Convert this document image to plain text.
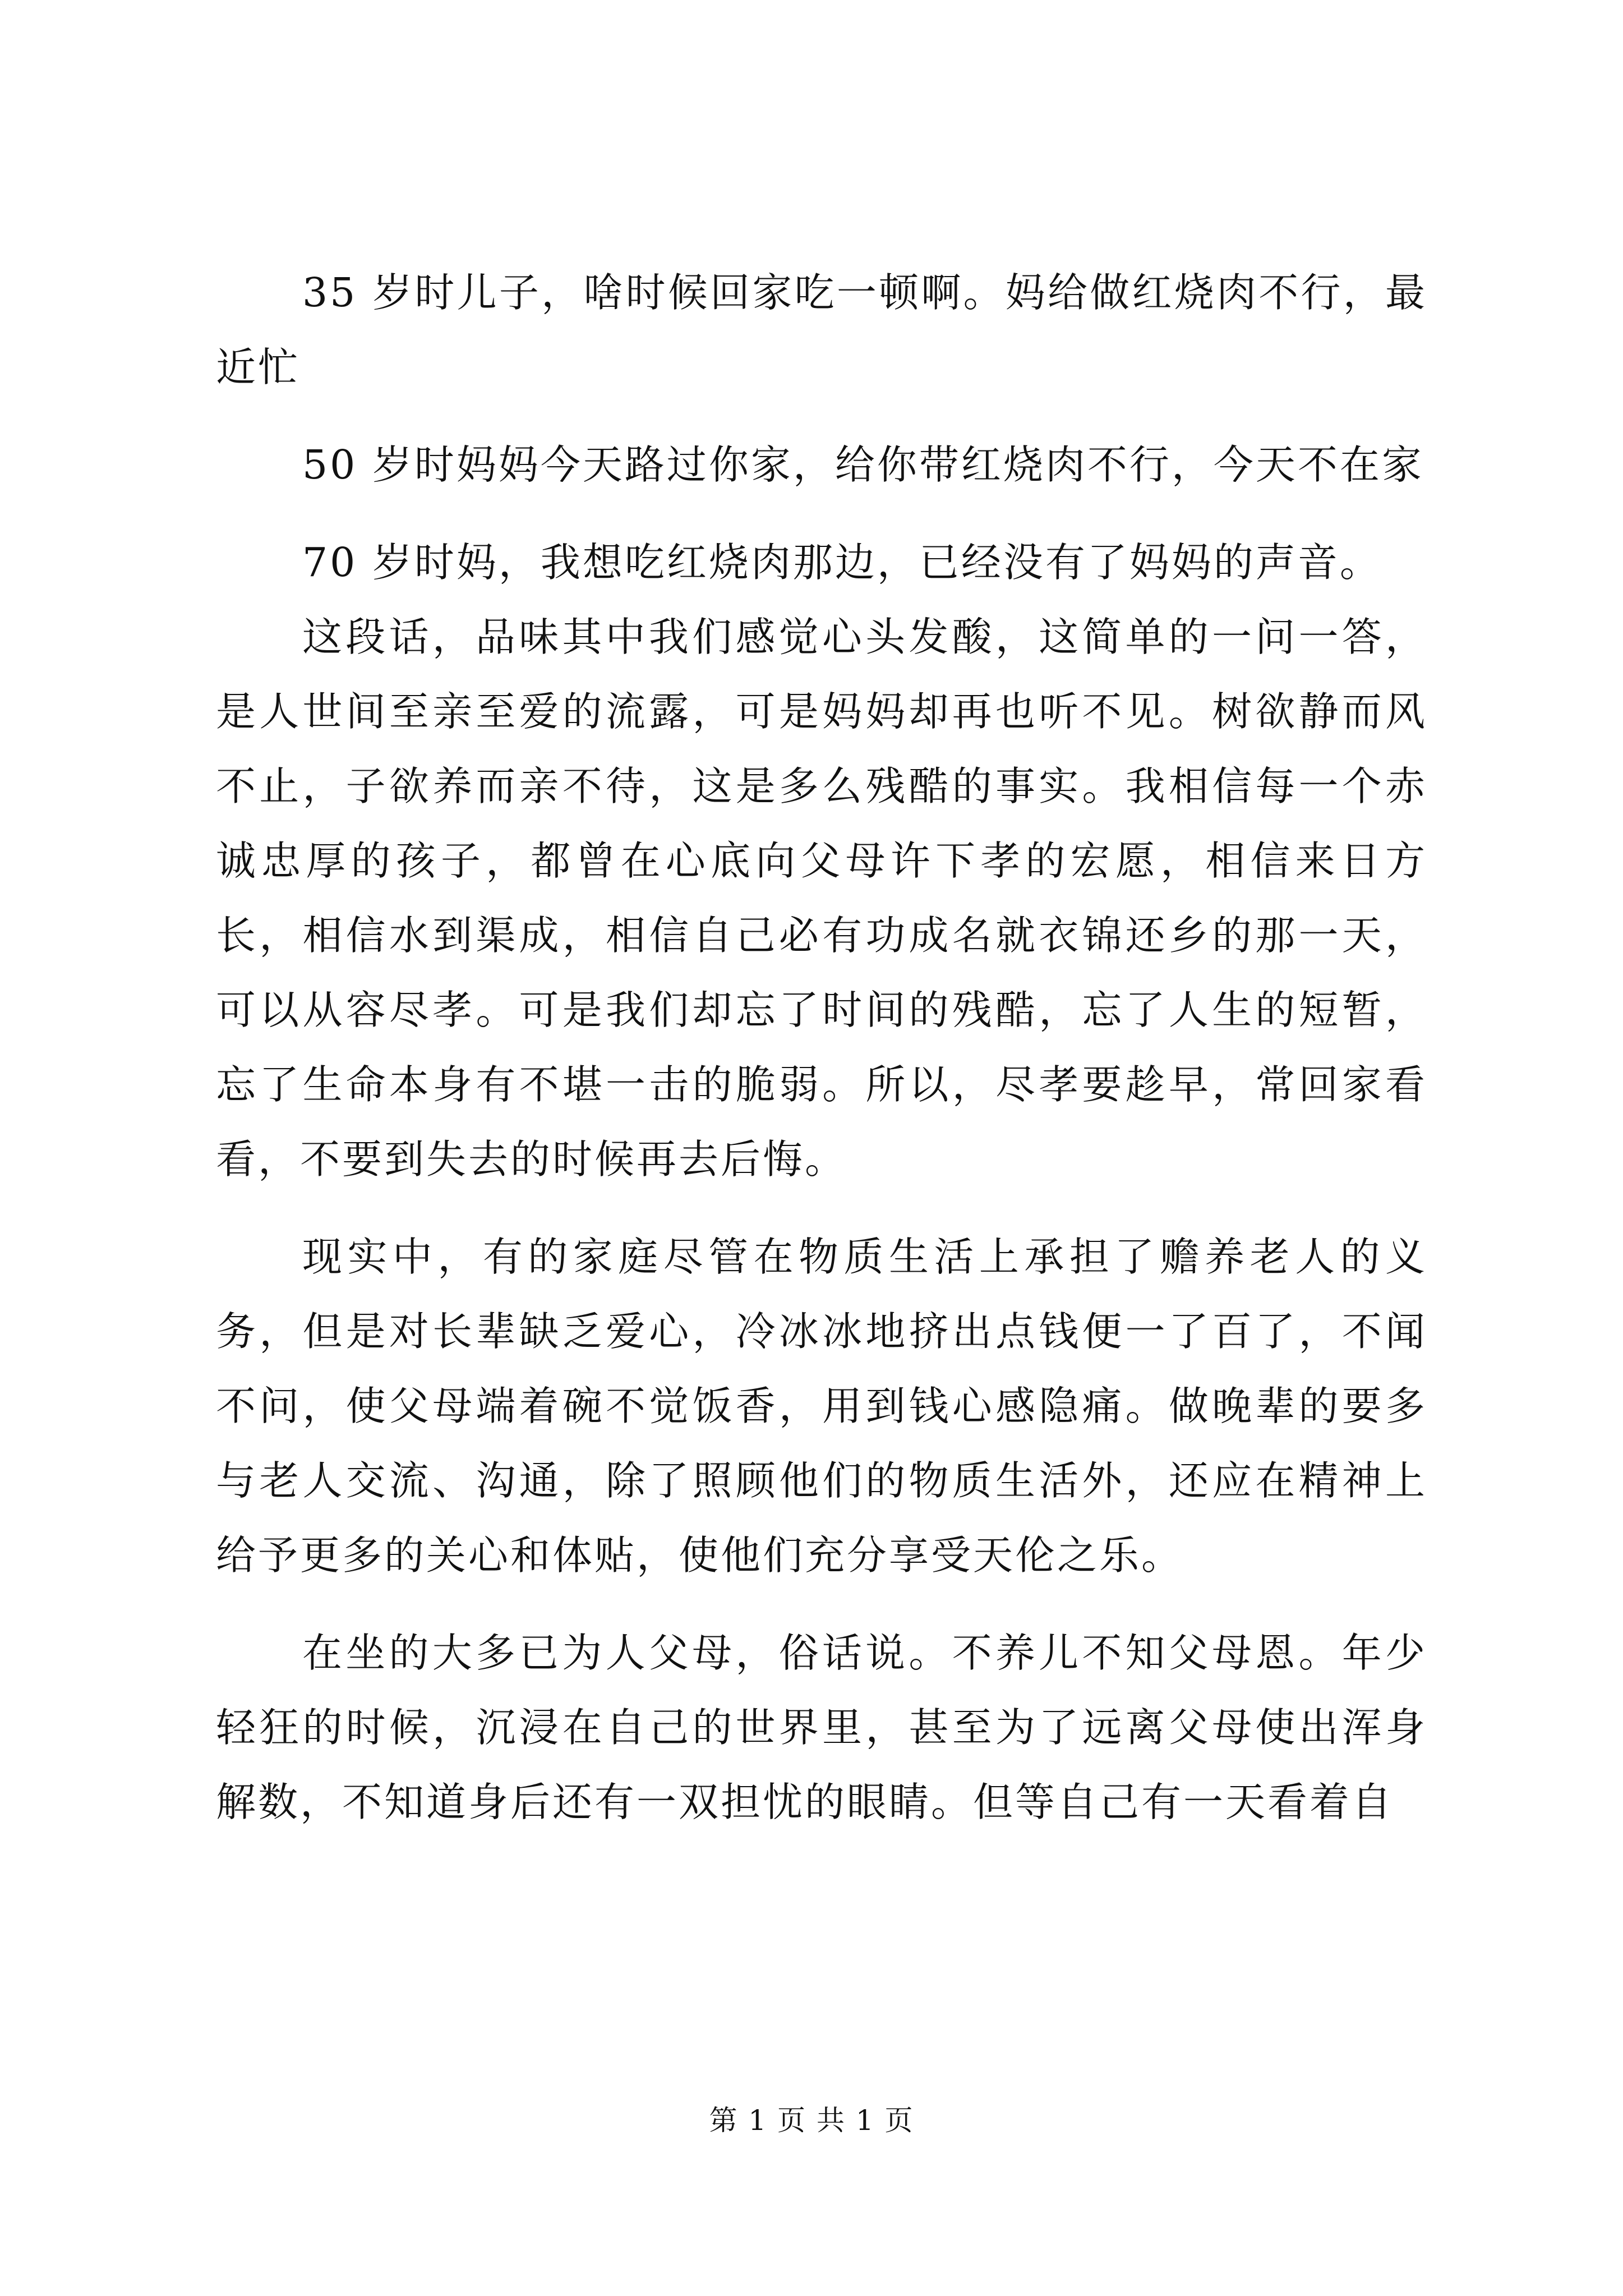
35 岁时儿子，啥时候回家吃一顿啊。妈给做红烧肉不行，最近忙

50 岁时妈妈今天路过你家，给你带红烧肉不行，今天不在家

70 岁时妈，我想吃红烧肉那边，已经没有了妈妈的声音。

这段话，品味其中我们感觉心头发酸，这简单的一问一答，是人世间至亲至爱的流露，可是妈妈却再也听不见。树欲静而风不止，子欲养而亲不待，这是多么残酷的事实。我相信每一个赤诚忠厚的孩子，都曾在心底向父母许下孝的宏愿，相信来日方长，相信水到渠成，相信自己必有功成名就衣锦还乡的那一天，可以从容尽孝。可是我们却忘了时间的残酷，忘了人生的短暂，忘了生命本身有不堪一击的脆弱。所以，尽孝要趁早，常回家看看，不要到失去的时候再去后悔。

现实中，有的家庭尽管在物质生活上承担了赡养老人的义务，但是对长辈缺乏爱心，冷冰冰地挤出点钱便一了百了，不闻不问，使父母端着碗不觉饭香，用到钱心感隐痛。做晚辈的要多与老人交流、沟通，除了照顾他们的物质生活外，还应在精神上给予更多的关心和体贴，使他们充分享受天伦之乐。

在坐的大多已为人父母，俗话说。不养儿不知父母恩。年少轻狂的时候，沉浸在自己的世界里，甚至为了远离父母使出浑身解数，不知道身后还有一双担忧的眼睛。但等自己有一天看着自

第 1 页 共 1 页
